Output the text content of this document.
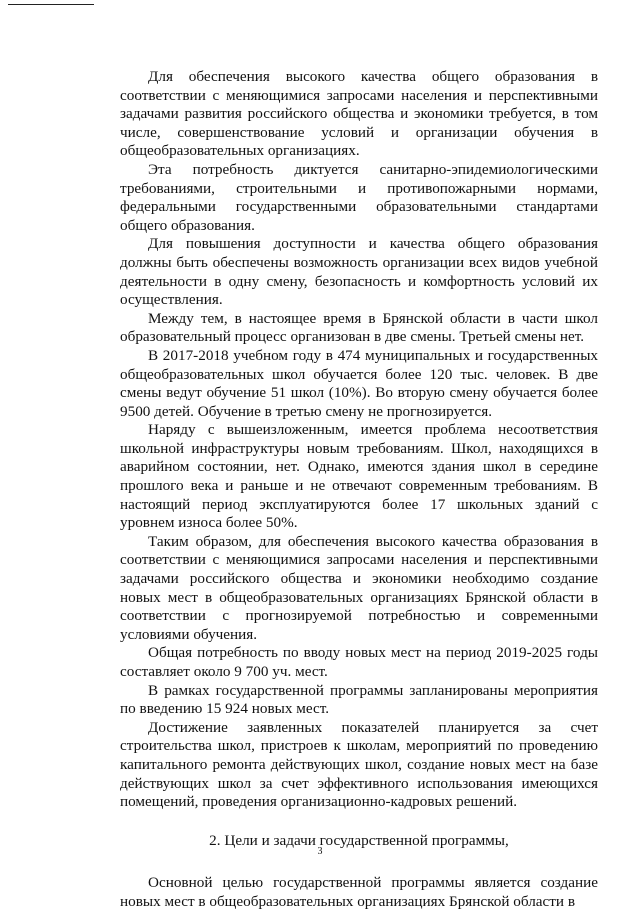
Для обеспечения высокого качества общего образования в соответствии с меняющимися запросами населения и перспективными задачами развития российского общества и экономики требуется, в том числе, совершенствование условий и организации обучения в общеобразовательных организациях.

Эта потребность диктуется санитарно-эпидемиологическими требованиями, строительными и противопожарными нормами, федеральными государственными образовательными стандартами общего образования.

Для повышения доступности и качества общего образования должны быть обеспечены возможность организации всех видов учебной деятельности в одну смену, безопасность и комфортность условий их осуществления.

Между тем, в настоящее время в Брянской области в части школ образовательный процесс организован в две смены. Третьей смены нет.

В 2017-2018 учебном году в 474 муниципальных и государственных общеобразовательных школ обучается более 120 тыс. человек. В две смены ведут обучение 51 школ (10%). Во вторую смену обучается более 9500 детей. Обучение в третью смену не прогнозируется.

Наряду с вышеизложенным, имеется проблема несоответствия школьной инфраструктуры новым требованиям. Школ, находящихся в аварийном состоянии, нет. Однако, имеются здания школ в середине прошлого века и раньше и не отвечают современным требованиям. В настоящий период эксплуатируются более 17 школьных зданий с уровнем износа более 50%.

Таким образом, для обеспечения высокого качества образования в соответствии с меняющимися запросами населения и перспективными задачами российского общества и экономики необходимо создание новых мест в общеобразовательных организациях Брянской области в соответствии с прогнозируемой потребностью и современными условиями обучения.

Общая потребность по вводу новых мест на период 2019-2025 годы составляет около 9 700 уч. мест.

В рамках государственной программы запланированы мероприятия по введению 15 924 новых мест.

Достижение заявленных показателей планируется за счет строительства школ, пристроев к школам, мероприятий по проведению капитального ремонта действующих школ, создание новых мест на базе действующих школ за счет эффективного использования имеющихся помещений, проведения организационно-кадровых решений.

2. Цели и задачи государственной программы,

Основной целью государственной программы является создание новых мест в общеобразовательных организациях Брянской области в

3
